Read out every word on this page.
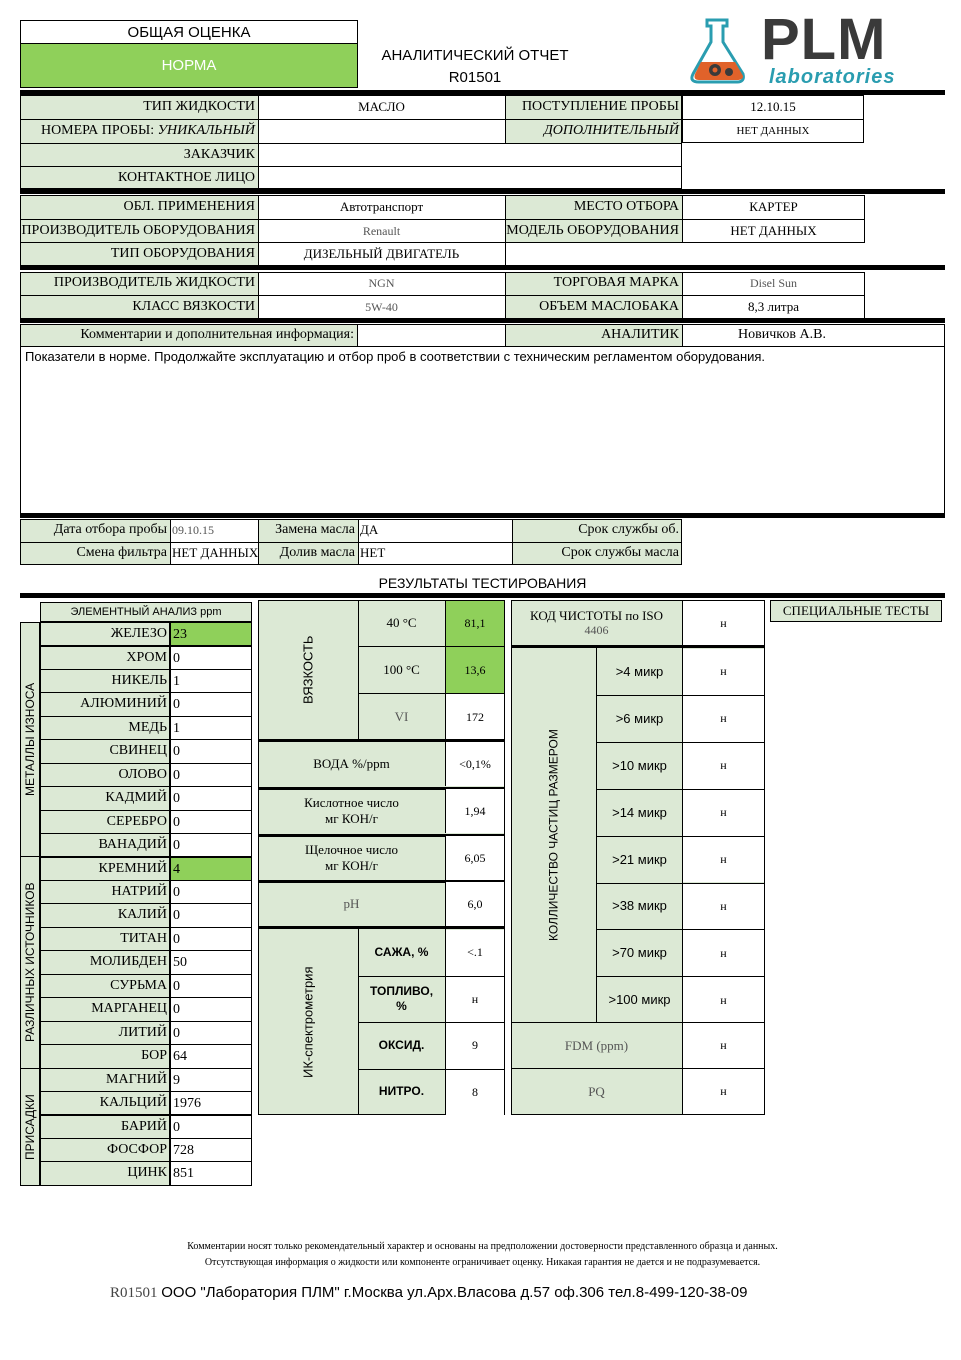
ОБЩАЯ ОЦЕНКА
НОРМА
АНАЛИТИЧЕСКИЙ ОТЧЕТ
R01501
PLM
laboratories
ТИП ЖИДКОСТИ	МАСЛО	ПОСТУПЛЕНИЕ ПРОБЫ	12.10.15
НОМЕРА ПРОБЫ: УНИКАЛЬНЫЙ	ДОПОЛНИТЕЛЬНЫЙ	НЕТ ДАННЫХ
ЗАКАЗЧИК
КОНТАКТНОЕ ЛИЦО
ОБЛ. ПРИМЕНЕНИЯ	Автотранспорт	МЕСТО ОТБОРА	КАРТЕР
ПРОИЗВОДИТЕЛЬ ОБОРУДОВАНИЯ	Renault	МОДЕЛЬ ОБОРУДОВАНИЯ	НЕТ ДАННЫХ
ТИП ОБОРУДОВАНИЯ	ДИЗЕЛЬНЫЙ ДВИГАТЕЛЬ
ПРОИЗВОДИТЕЛЬ ЖИДКОСТИ	NGN	ТОРГОВАЯ МАРКА	Disel Sun
КЛАСС ВЯЗКОСТИ	5W-40	ОБЪЕМ МАСЛОБАКА	8,3 литра
Комментарии и дополнительная информация:	АНАЛИТИК	Новичков А.В.
Показатели в норме. Продолжайте эксплуатацию и отбор проб в соответствии с техническим регламентом оборудования.
Дата отбора пробы 09.10.15	Замена масла ДА	Срок службы об.
Смена фильтра НЕТ ДАННЫХ	Долив масла НЕТ	Срок службы масла
РЕЗУЛЬТАТЫ ТЕСТИРОВАНИЯ
ЭЛЕМЕНТНЫЙ АНАЛИЗ ppm
МЕТАЛЛЫ ИЗНОСА
РАЗЛИЧНЫХ ИСТОЧНИКОВ
ПРИСАДКИ
ЖЕЛЕЗО 23
ХРОМ 0
НИКЕЛЬ 1
АЛЮМИНИЙ 0
МЕДЬ 1
СВИНЕЦ 0
ОЛОВО 0
КАДМИЙ 0
СЕРЕБРО 0
ВАНАДИЙ 0
КРЕМНИЙ 4
НАТРИЙ 0
КАЛИЙ 0
ТИТАН 0
МОЛИБДЕН 50
СУРЬМА 0
МАРГАНЕЦ 0
ЛИТИЙ 0
БОР 64
МАГНИЙ 9
КАЛЬЦИЙ 1976
БАРИЙ 0
ФОСФОР 728
ЦИНК 851
ВЯЗКОСТЬ
40 °C	81,1
100 °C	13,6
VI	172
ВОДА %/ppm	<0,1%
Кислотное число
мг КОН/г
1,94
Щелочное число
мг КОН/г
6,05
pH	6,0
ИК-спектрометрия
САЖА, %	<.1
ТОПЛИВО,
%	н
ОКСИД.	9
НИТРО.	8
КОД ЧИСТОТЫ по ISO
4406	н
КОЛЛИЧЕСТВО ЧАСТИЦ РАЗМЕРОМ
>4 микр	н
>6 микр	н
>10 микр	н
>14 микр	н
>21 микр	н
>38 микр	н
>70 микр	н
>100 микр	н
FDM (ppm)	н
PQ	н
СПЕЦИАЛЬНЫЕ ТЕСТЫ
Комментарии носят только рекомендательный характер и основаны на предположении достоверности представленного образца и данных.
Отсутствующая информация о жидкости или компоненте ограничивает оценку. Никакая гарантия не дается и не подразумевается.
R01501 ООО "Лаборатория ПЛМ" г.Москва ул.Арх.Власова д.57 оф.306 тел.8-499-120-38-09
